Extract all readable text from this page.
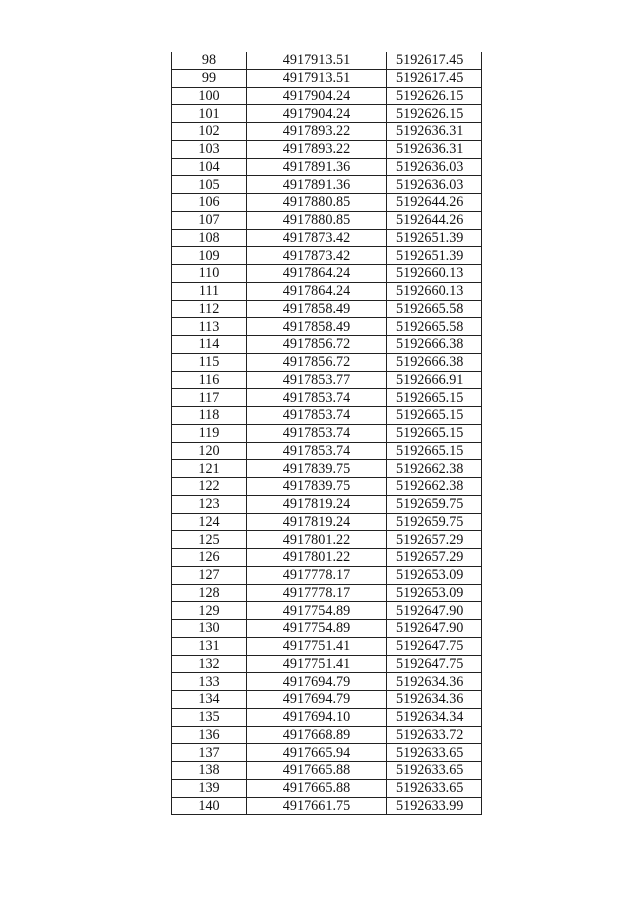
98	4917913.51	5192617.45
99	4917913.51	5192617.45
100	4917904.24	5192626.15
101	4917904.24	5192626.15
102	4917893.22	5192636.31
103	4917893.22	5192636.31
104	4917891.36	5192636.03
105	4917891.36	5192636.03
106	4917880.85	5192644.26
107	4917880.85	5192644.26
108	4917873.42	5192651.39
109	4917873.42	5192651.39
110	4917864.24	5192660.13
111	4917864.24	5192660.13
112	4917858.49	5192665.58
113	4917858.49	5192665.58
114	4917856.72	5192666.38
115	4917856.72	5192666.38
116	4917853.77	5192666.91
117	4917853.74	5192665.15
118	4917853.74	5192665.15
119	4917853.74	5192665.15
120	4917853.74	5192665.15
121	4917839.75	5192662.38
122	4917839.75	5192662.38
123	4917819.24	5192659.75
124	4917819.24	5192659.75
125	4917801.22	5192657.29
126	4917801.22	5192657.29
127	4917778.17	5192653.09
128	4917778.17	5192653.09
129	4917754.89	5192647.90
130	4917754.89	5192647.90
131	4917751.41	5192647.75
132	4917751.41	5192647.75
133	4917694.79	5192634.36
134	4917694.79	5192634.36
135	4917694.10	5192634.34
136	4917668.89	5192633.72
137	4917665.94	5192633.65
138	4917665.88	5192633.65
139	4917665.88	5192633.65
140	4917661.75	5192633.99
